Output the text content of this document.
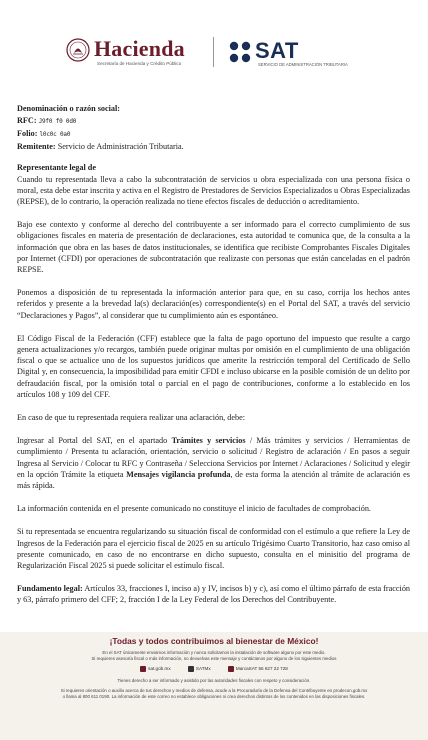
Hacienda
Secretaría de Hacienda y Crédito Público
SAT
SERVICIO DE ADMINISTRACIÓN TRIBUTARIA
Denominación o razón social:
RFC: J9f0 f0 0d0
Folio: l0c0c 0a0
Remitente: Servicio de Administración Tributaria.

Representante legal de

Cuando tu representada lleva a cabo la subcontratación de servicios u obra especializada con una persona física o moral, esta debe estar inscrita y activa en el Registro de Prestadores de Servicios Especializados u Obras Especializadas (REPSE), de lo contrario, la operación realizada no tiene efectos fiscales de deducción o acreditamiento.

Bajo ese contexto y conforme al derecho del contribuyente a ser informado para el correcto cumplimiento de sus obligaciones fiscales en materia de presentación de declaraciones, esta autoridad te comunica que, de la consulta a la información que obra en las bases de datos institucionales, se identifica que recibiste Comprobantes Fiscales Digitales por Internet (CFDI) por operaciones de subcontratación que realizaste con personas que están canceladas en el padrón REPSE.

Ponemos a disposición de tu representada la información anterior para que, en su caso, corrija los hechos antes referidos y presente a la brevedad la(s) declaración(es) correspondiente(s) en el Portal del SAT, a través del servicio “Declaraciones y Pagos”, al considerar que tu cumplimiento aún es espontáneo.

El Código Fiscal de la Federación (CFF) establece que la falta de pago oportuno del impuesto que resulte a cargo genera actualizaciones y/o recargos, también puede originar multas por omisión en el cumplimiento de una obligación fiscal o que se actualice uno de los supuestos jurídicos que amerite la restricción temporal del Certificado de Sello Digital y, en consecuencia, la imposibilidad para emitir CFDI e incluso ubicarse en la posible comisión de un delito por defraudación fiscal, por la omisión total o parcial en el pago de contribuciones, conforme a lo establecido en los artículos 108 y 109 del CFF.

En caso de que tu representada requiera realizar una aclaración, debe:

Ingresar al Portal del SAT, en el apartado Trámites y servicios / Más trámites y servicios / Herramientas de cumplimiento / Presenta tu aclaración, orientación, servicio o solicitud / Registro de aclaración / En pasos a seguir Ingresa al Servicio / Colocar tu RFC y Contraseña / Selecciona Servicios por Internet / Aclaraciones / Solicitud y elegir en la opción Trámite la etiqueta Mensajes vigilancia profunda, de esta forma la atención al trámite de aclaración es más rápida.

La información contenida en el presente comunicado no constituye el inicio de facultades de comprobación.

Si tu representada se encuentra regularizando su situación fiscal de conformidad con el estímulo a que refiere la Ley de Ingresos de la Federación para el ejercicio fiscal de 2025 en su artículo Trigésimo Cuarto Transitorio, haz caso omiso al presente comunicado, en caso de no encontrarse en dicho supuesto, consulta en el minisitio del programa de Regularización Fiscal 2025 si puede solicitar el estímulo fiscal.

Fundamento legal: Artículos 33, fracciones I, inciso a) y IV, incisos b) y c), así como el último párrafo de esta fracción y 63, párrafo primero del CFF; 2, fracción I de la Ley Federal de los Derechos del Contribuyente.

¡Todas y todos contribuimos al bienestar de México!
En el SAT únicamente enviamos información y nunca solicitamos la instalación de software alguno por este medio.
Si requieres asesoría fiscal o más información, no devuelvas este mensaje y contáctanos por alguno de los siguientes medios
sat.gob.mx	SATMx	MarcaSAT 55 627 22 728
Tienes derecho a ser informado y asistido por las autoridades fiscales con respeto y consideración.
Si requieres orientación o auxilio acerca de tus derechos y medios de defensa, acude a la Procuraduría de la Defensa del Contribuyente en prodecon.gob.mx
o llama al 800 611 0190. La información de este correo no establece obligaciones ni crea derechos distintos de los contenidos en las disposiciones fiscales.
